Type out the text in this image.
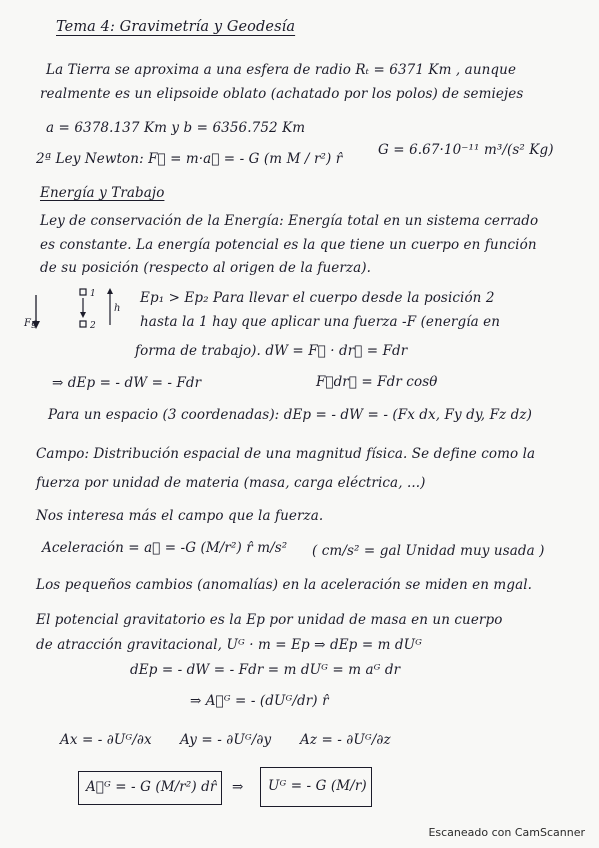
Tema 4: Gravimetría y Geodesía
La Tierra se aproxima a una esfera de radio Rₜ = 6371 Km , aunque
realmente es un elipsoide oblato (achatado por los polos) de semiejes
a = 6378.137 Km y b = 6356.752 Km
2ª Ley Newton: F⃗ = m·a⃗ = - G (m M / r²) r̂
G = 6.67·10⁻¹¹ m³/(s² Kg)
Energía y Trabajo
Ley de conservación de la Energía: Energía total en un sistema cerrado
es constante. La energía potencial es la que tiene un cuerpo en función
de su posición (respecto al origen de la fuerza).
Fg
1
2
h
Ep₁ > Ep₂ Para llevar el cuerpo desde la posición 2
hasta la 1 hay que aplicar una fuerza -F (energía en
forma de trabajo). dW = F⃗ · dr⃗ = Fdr
⇒ dEp = - dW = - Fdr	F⃗dr⃗ = Fdr cosθ
Para un espacio (3 coordenadas): dEp = - dW = - (Fx dx, Fy dy, Fz dz)
Campo: Distribución espacial de una magnitud física. Se define como la
fuerza por unidad de materia (masa, carga eléctrica, ...)
Nos interesa más el campo que la fuerza.
Aceleración = a⃗ = -G (M/r²) r̂ m/s² ( cm/s² = gal Unidad muy usada )
Los pequeños cambios (anomalías) en la aceleración se miden en mgal.
El potencial gravitatorio es la Ep por unidad de masa en un cuerpo
de atracción gravitacional, Uᴳ · m = Ep ⇒ dEp = m dUᴳ
dEp = - dW = - Fdr = m dUᴳ = m aᴳ dr
⇒ A⃗ᴳ = - (dUᴳ/dr) r̂
Ax = - ∂Uᴳ/∂x Ay = - ∂Uᴳ/∂y Az = - ∂Uᴳ/∂z
A⃗ᴳ = - G (M/r²) dr̂ ⇒ Uᴳ = - G (M/r)
Escaneado con CamScanner
